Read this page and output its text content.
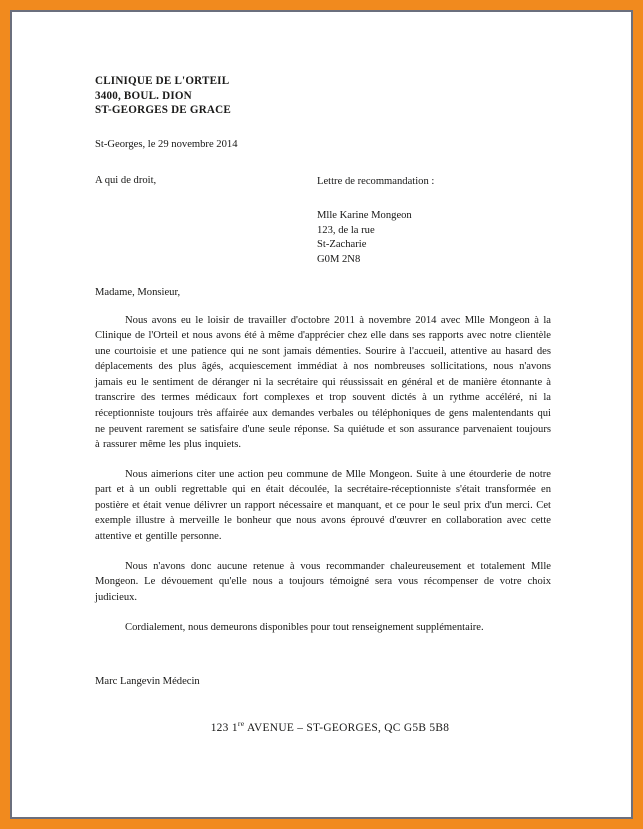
CLINIQUE DE L'ORTEIL
3400, BOUL. DION
ST-GEORGES DE GRACE
St-Georges, le 29 novembre 2014
A qui de droit,	Lettre de recommandation :
Mlle Karine Mongeon
123, de la rue
St-Zacharie
G0M 2N8
Madame, Monsieur,

Nous avons eu le loisir de travailler d'octobre 2011 à novembre 2014 avec Mlle Mongeon à la Clinique de l'Orteil et nous avons été à même d'apprécier chez elle dans ses rapports avec notre clientèle une courtoisie et une patience qui ne sont jamais démenties. Sourire à l'accueil, attentive au hasard des déplacements des plus âgés, acquiescement immédiat à nos nombreuses sollicitations, nous n'avons jamais eu le sentiment de déranger ni la secrétaire qui réussissait en général et de manière étonnante à transcrire des termes médicaux fort complexes et trop souvent dictés à un rythme accéléré, ni la réceptionniste toujours très affairée aux demandes verbales ou téléphoniques de gens malentendants qui ne peuvent rarement se satisfaire d'une seule réponse. Sa quiétude et son assurance parvenaient toujours à rassurer même les plus inquiets.

Nous aimerions citer une action peu commune de Mlle Mongeon. Suite à une étourderie de notre part et à un oubli regrettable qui en était découlée, la secrétaire-réceptionniste s'était transformée en postière et était venue délivrer un rapport nécessaire et manquant, et ce pour le seul prix d'un merci. Cet exemple illustre à merveille le bonheur que nous avons éprouvé d'œuvrer en collaboration avec cette attentive et gentille personne.

Nous n'avons donc aucune retenue à vous recommander chaleureusement et totalement Mlle Mongeon. Le dévouement qu'elle nous a toujours témoigné sera vous récompenser de votre choix judicieux.

Cordialement, nous demeurons disponibles pour tout renseignement supplémentaire.

Marc Langevin Médecin
123 1re AVENUE – ST-GEORGES, QC G5B 5B8
